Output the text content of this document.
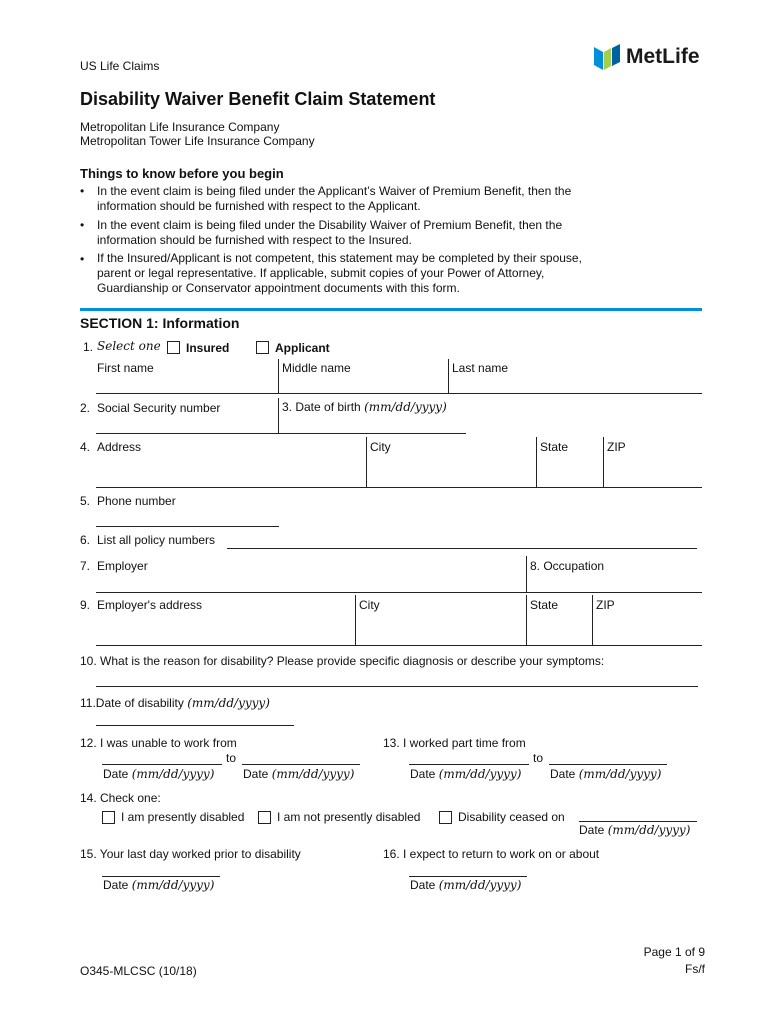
US Life Claims	MetLife
Disability Waiver Benefit Claim Statement
Metropolitan Life Insurance Company
Metropolitan Tower Life Insurance Company
Things to know before you begin
• In the event claim is being filed under the Applicant’s Waiver of Premium Benefit, then the information should be furnished with respect to the Applicant.
• In the event claim is being filed under the Disability Waiver of Premium Benefit, then the information should be furnished with respect to the Insured.
• If the Insured/Applicant is not competent, this statement may be completed by their spouse, parent or legal representative. If applicable, submit copies of your Power of Attorney, Guardianship or Conservator appointment documents with this form.
SECTION 1: Information
1. Select one Insured	Applicant
First name	Middle name	Last name
2. Social Security number	3. Date of birth (mm/dd/yyyy)
4. Address	City	State	ZIP
5. Phone number
6. List all policy numbers
7. Employer	8. Occupation
9. Employer's address	City	State	ZIP
10. What is the reason for disability? Please provide specific diagnosis or describe your symptoms:
11.Date of disability (mm/dd/yyyy)
12. I was unable to work from
to
Date (mm/dd/yyyy) Date (mm/dd/yyyy)
13. I worked part time from
to
Date (mm/dd/yyyy) Date (mm/dd/yyyy)
14. Check one:
I am presently disabled	I am not presently disabled	Disability ceased on
Date (mm/dd/yyyy)
15. Your last day worked prior to disability
Date (mm/dd/yyyy)
16. I expect to return to work on or about
Date (mm/dd/yyyy)
Page 1 of 9
Fs/f
O345-MLCSC (10/18)
